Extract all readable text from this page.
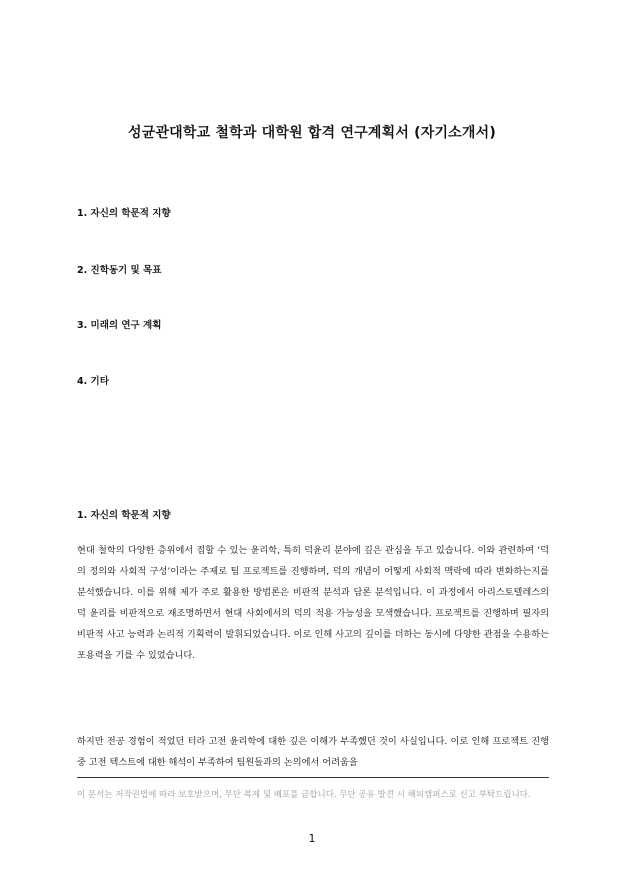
성균관대학교 철학과 대학원 합격 연구계획서 (자기소개서)
1. 자신의 학문적 지향
2. 진학동기 및 목표
3. 미래의 연구 계획
4. 기타
1. 자신의 학문적 지향
현대 철학의 다양한 층위에서 접할 수 있는 윤리학, 특히 덕윤리 분야에 깊은 관심을 두고 있습니다. 이와 관련하여 ‘덕의 정의와 사회적 구성’이라는 주제로 팀 프로젝트를 진행하며, 덕의 개념이 어떻게 사회적 맥락에 따라 변화하는지를 분석했습니다. 이를 위해 제가 주로 활용한 방법론은 비판적 분석과 담론 분석입니다. 이 과정에서 아리스토텔레스의 덕 윤리를 비판적으로 재조명하면서 현대 사회에서의 덕의 적용 가능성을 모색했습니다. 프로젝트를 진행하며 필자의 비판적 사고 능력과 논리적 기획력이 발휘되었습니다. 이로 인해 사고의 깊이를 더하는 동시에 다양한 관점을 수용하는 포용력을 기를 수 있었습니다.
하지만 전공 경험이 적었던 터라 고전 윤리학에 대한 깊은 이해가 부족했던 것이 사실입니다. 이로 인해 프로젝트 진행 중 고전 텍스트에 대한 해석이 부족하여 팀원들과의 논의에서 어려움을
이 문서는 저작권법에 따라 보호받으며, 무단 복제 및 배포를 금합니다. 무단 공유 발견 시 해피캠퍼스로 신고 부탁드립니다.
1
